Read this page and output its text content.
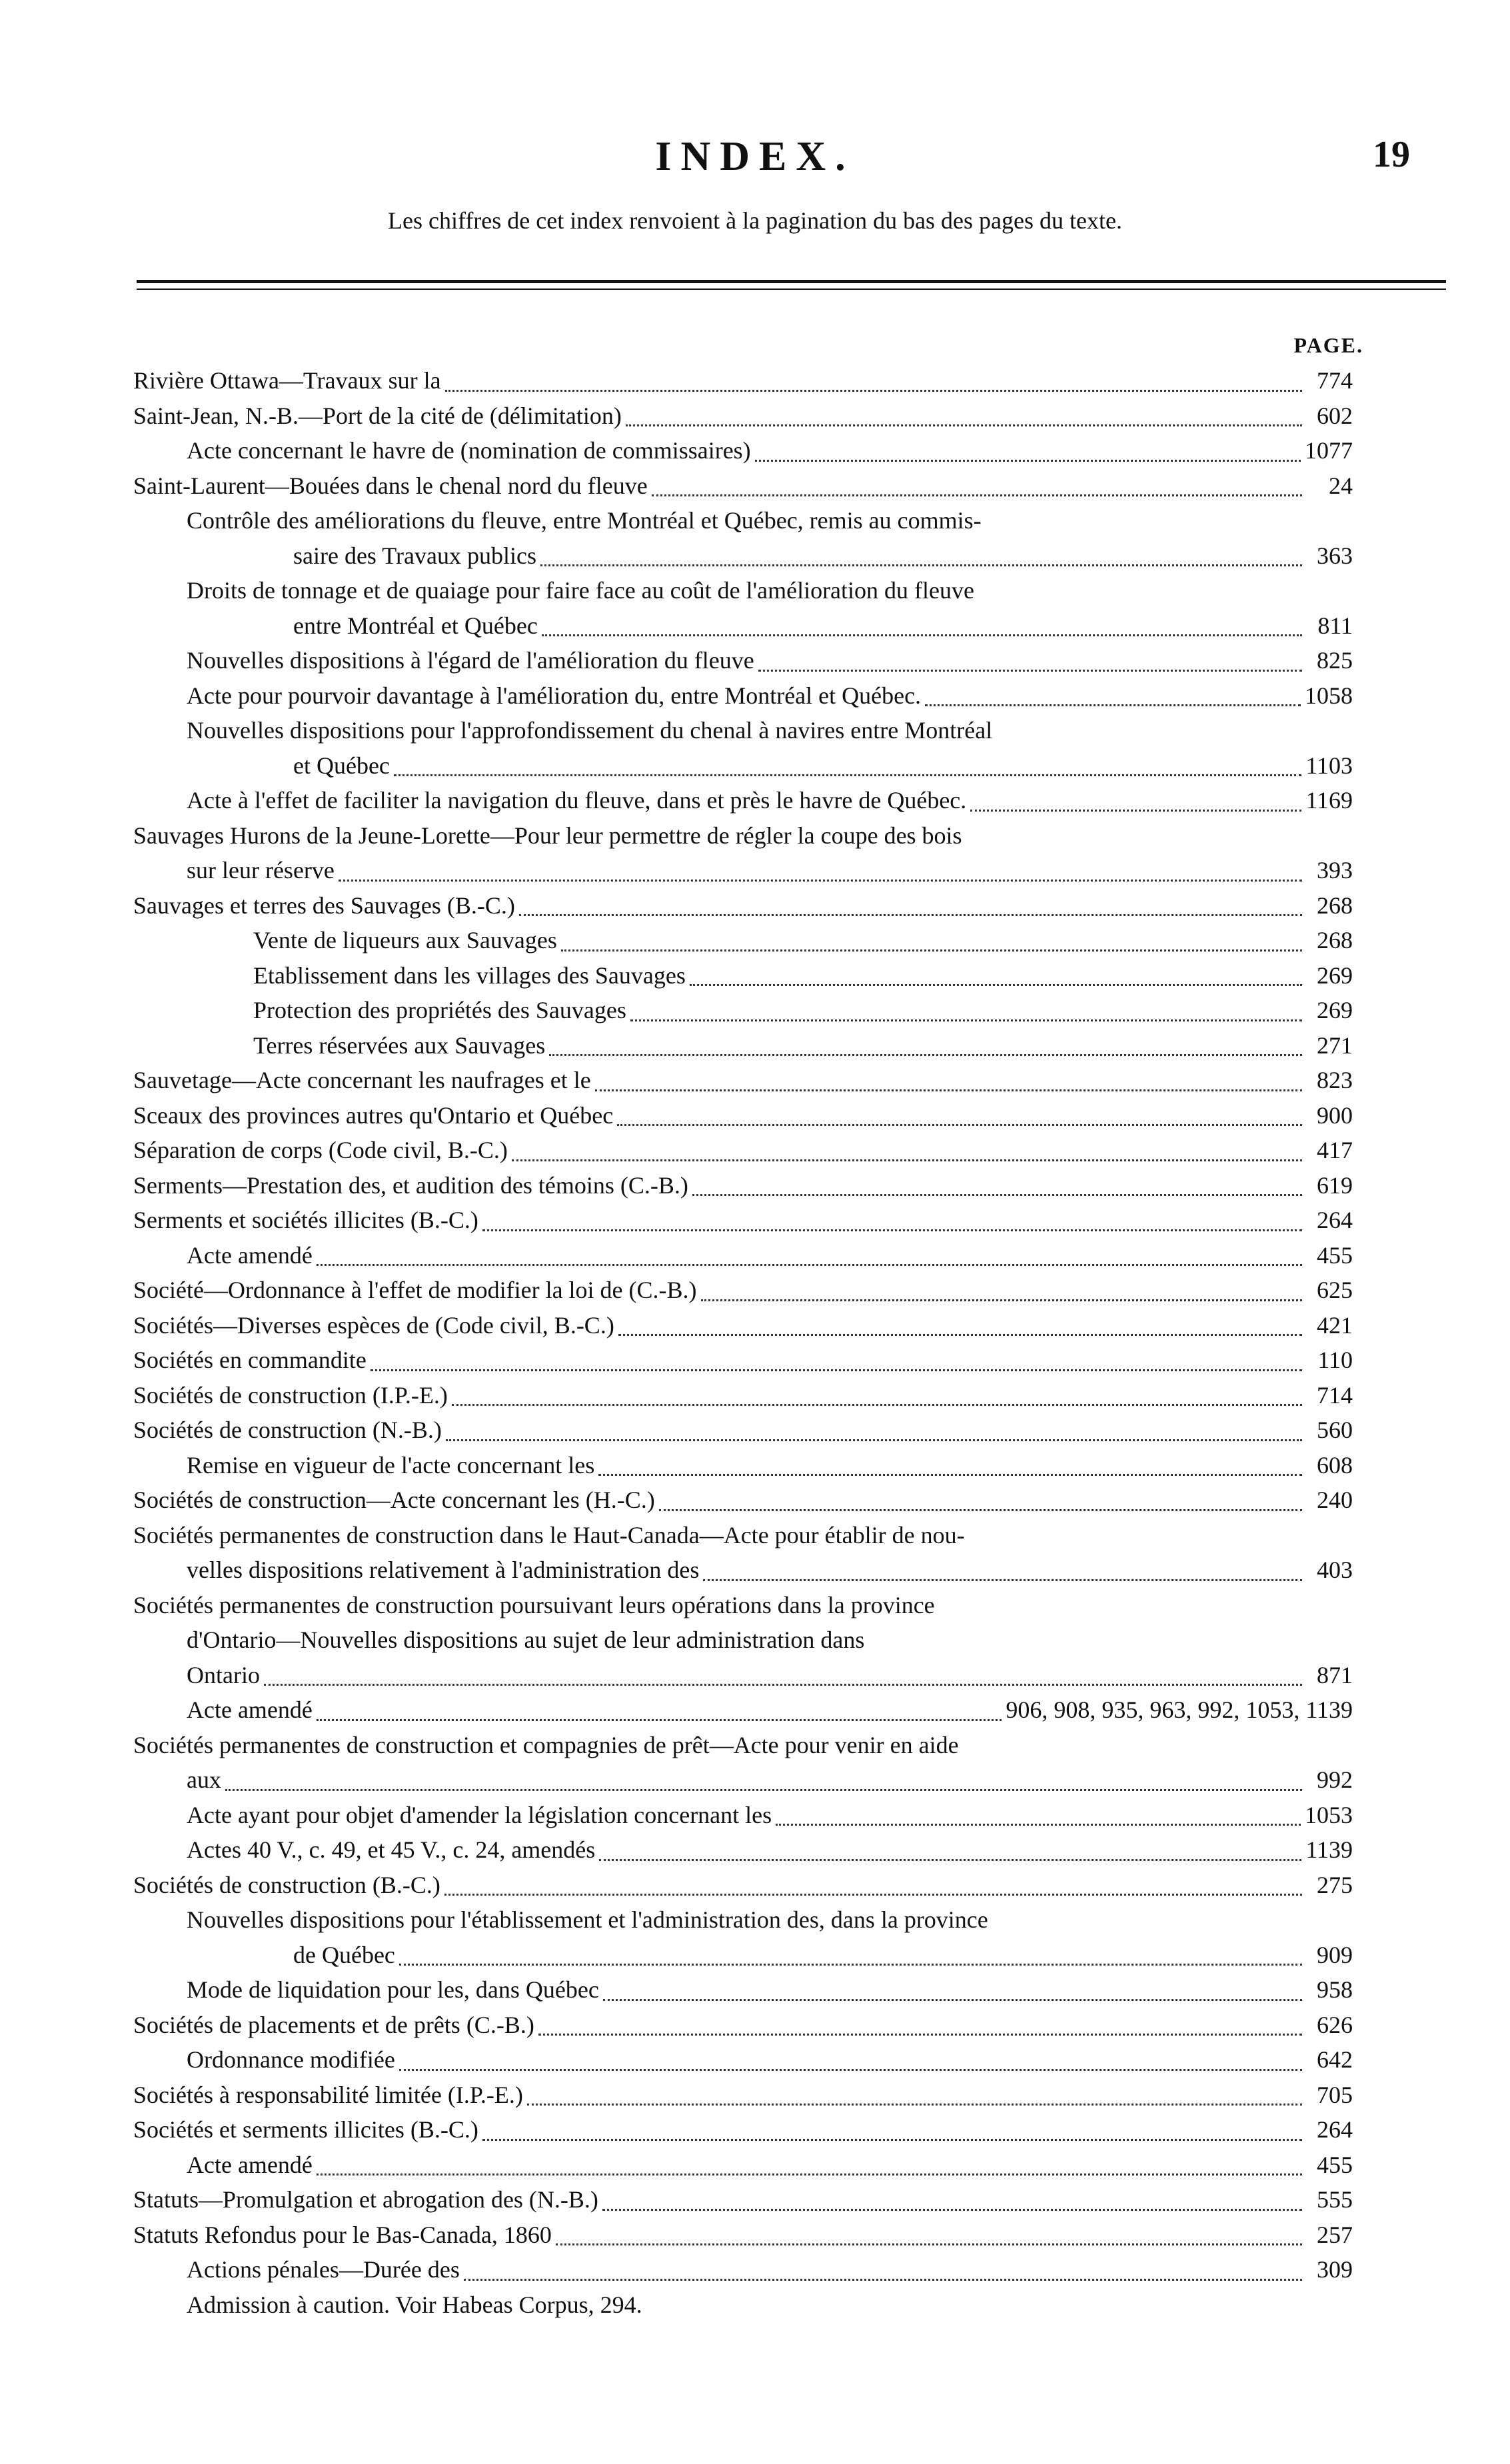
INDEX.	19
Les chiffres de cet index renvoient à la pagination du bas des pages du texte.
PAGE.
Rivière Ottawa—Travaux sur la	774
Saint-Jean, N.-B.—Port de la cité de (délimitation)	602
Acte concernant le havre de (nomination de commissaires)	1077
Saint-Laurent—Bouées dans le chenal nord du fleuve	24
Contrôle des améliorations du fleuve, entre Montréal et Québec, remis au commis-
saire des Travaux publics	363
Droits de tonnage et de quaiage pour faire face au coût de l'amélioration du fleuve
entre Montréal et Québec	811
Nouvelles dispositions à l'égard de l'amélioration du fleuve	825
Acte pour pourvoir davantage à l'amélioration du, entre Montréal et Québec.	1058
Nouvelles dispositions pour l'approfondissement du chenal à navires entre Montréal
et Québec	1103
Acte à l'effet de faciliter la navigation du fleuve, dans et près le havre de Québec.	1169
Sauvages Hurons de la Jeune-Lorette—Pour leur permettre de régler la coupe des bois
sur leur réserve	393
Sauvages et terres des Sauvages (B.-C.)	268
Vente de liqueurs aux Sauvages	268
Etablissement dans les villages des Sauvages	269
Protection des propriétés des Sauvages	269
Terres réservées aux Sauvages	271
Sauvetage—Acte concernant les naufrages et le	823
Sceaux des provinces autres qu'Ontario et Québec	900
Séparation de corps (Code civil, B.-C.)	417
Serments—Prestation des, et audition des témoins (C.-B.)	619
Serments et sociétés illicites (B.-C.)	264
Acte amendé	455
Société—Ordonnance à l'effet de modifier la loi de (C.-B.)	625
Sociétés—Diverses espèces de (Code civil, B.-C.)	421
Sociétés en commandite	110
Sociétés de construction (I.P.-E.)	714
Sociétés de construction (N.-B.)	560
Remise en vigueur de l'acte concernant les	608
Sociétés de construction—Acte concernant les (H.-C.)	240
Sociétés permanentes de construction dans le Haut-Canada—Acte pour établir de nou-
velles dispositions relativement à l'administration des	403
Sociétés permanentes de construction poursuivant leurs opérations dans la province
d'Ontario—Nouvelles dispositions au sujet de leur administration dans
Ontario	871
Acte amendé	906, 908, 935, 963, 992, 1053, 1139
Sociétés permanentes de construction et compagnies de prêt—Acte pour venir en aide
aux	992
Acte ayant pour objet d'amender la législation concernant les	1053
Actes 40 V., c. 49, et 45 V., c. 24, amendés	1139
Sociétés de construction (B.-C.)	275
Nouvelles dispositions pour l'établissement et l'administration des, dans la province
de Québec	909
Mode de liquidation pour les, dans Québec	958
Sociétés de placements et de prêts (C.-B.)	626
Ordonnance modifiée	642
Sociétés à responsabilité limitée (I.P.-E.)	705
Sociétés et serments illicites (B.-C.)	264
Acte amendé	455
Statuts—Promulgation et abrogation des (N.-B.)	555
Statuts Refondus pour le Bas-Canada, 1860	257
Actions pénales—Durée des	309
Admission à caution. Voir Habeas Corpus, 294.
